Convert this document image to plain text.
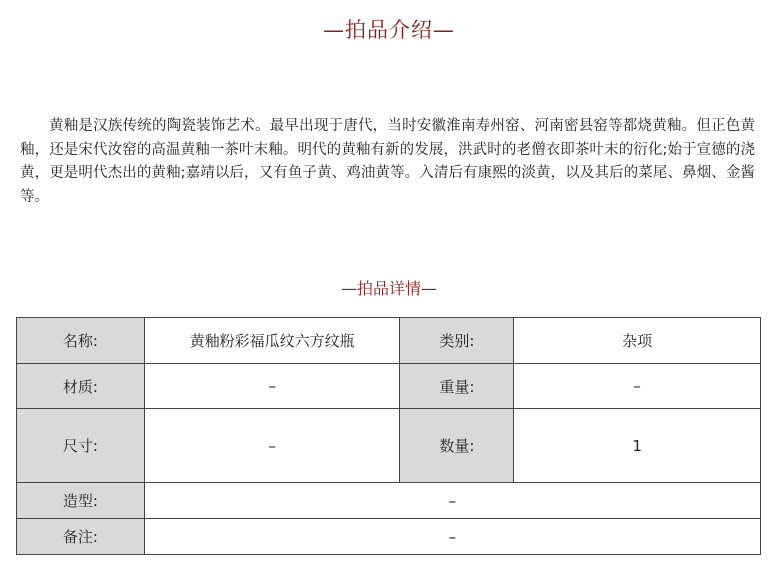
—拍品介绍—

黄釉是汉族传统的陶瓷装饰艺术。最早出现于唐代，当时安徽淮南寿州窑、河南密县窑等都烧黄釉。但正色黄釉，还是宋代汝窑的高温黄釉一茶叶末釉。明代的黄釉有新的发展，洪武时的老僧衣即茶叶末的衍化;始于宣德的浇黄，更是明代杰出的黄釉;嘉靖以后，又有鱼子黄、鸡油黄等。入清后有康熙的淡黄，以及其后的菜尾、鼻烟、金酱等。

—拍品详情—
名称:	黄釉粉彩福瓜纹六方纹瓶	类别:	杂项
材质:	–	重量:	–
尺寸:	–	数量:	1
造型:	–		
备注:	–		
